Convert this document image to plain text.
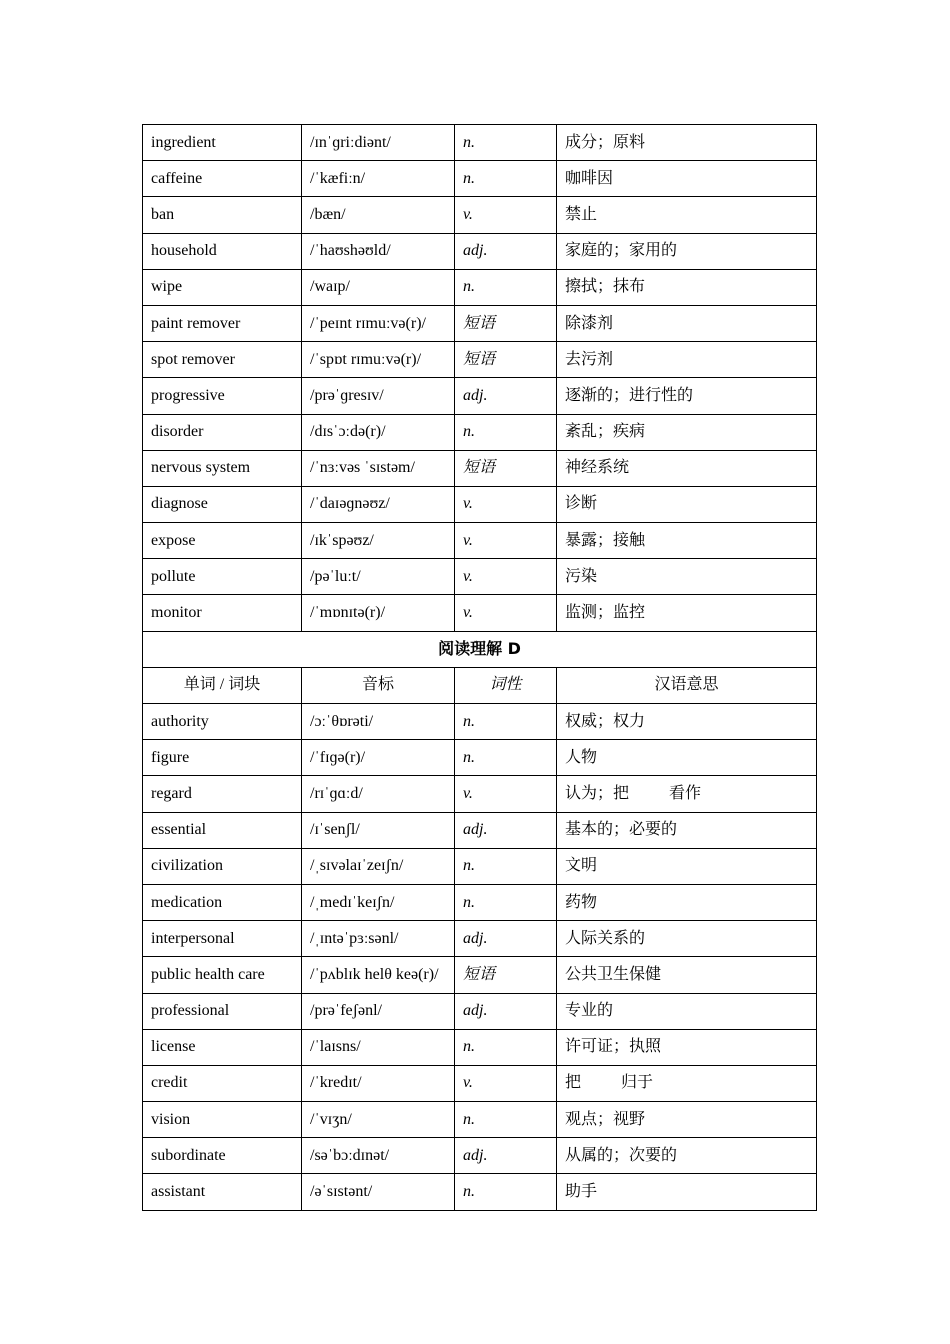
ingredient	/ɪnˈɡriːdiənt/	n.	成分；原料
caffeine	/ˈkæfiːn/	n.	咖啡因
ban	/bæn/	v.	禁止
household	/ˈhaʊshəʊld/	adj.	家庭的；家用的
wipe	/waɪp/	n.	擦拭；抹布
paint remover	/ˈpeɪnt rɪmuːvə(r)/	短语	除漆剂
spot remover	/ˈspɒt rɪmuːvə(r)/	短语	去污剂
progressive	/prəˈɡresɪv/	adj.	逐渐的；进行性的
disorder	/dɪsˈɔːdə(r)/	n.	紊乱；疾病
nervous system	/ˈnɜːvəs ˈsɪstəm/	短语	神经系统
diagnose	/ˈdaɪəɡnəʊz/	v.	诊断
expose	/ɪkˈspəʊz/	v.	暴露；接触
pollute	/pəˈluːt/	v.	污染
monitor	/ˈmɒnɪtə(r)/	v.	监测；监控
阅读理解 D			
单词 / 词块	音标	词性	汉语意思
authority	/ɔːˈθɒrəti/	n.	权威；权力
figure	/ˈfɪɡə(r)/	n.	人物
regard	/rɪˈɡɑːd/	v.	认为；把 看作
essential	/ɪˈsenʃl/	adj.	基本的；必要的
civilization	/ˌsɪvəlaɪˈzeɪʃn/	n.	文明
medication	/ˌmedɪˈkeɪʃn/	n.	药物
interpersonal	/ˌɪntəˈpɜːsənl/	adj.	人际关系的
public health care	/ˈpʌblɪk helθ keə(r)/	短语	公共卫生保健
professional	/prəˈfeʃənl/	adj.	专业的
license	/ˈlaɪsns/	n.	许可证；执照
credit	/ˈkredɪt/	v.	把 归于
vision	/ˈvɪʒn/	n.	观点；视野
subordinate	/səˈbɔːdɪnət/	adj.	从属的；次要的
assistant	/əˈsɪstənt/	n.	助手
